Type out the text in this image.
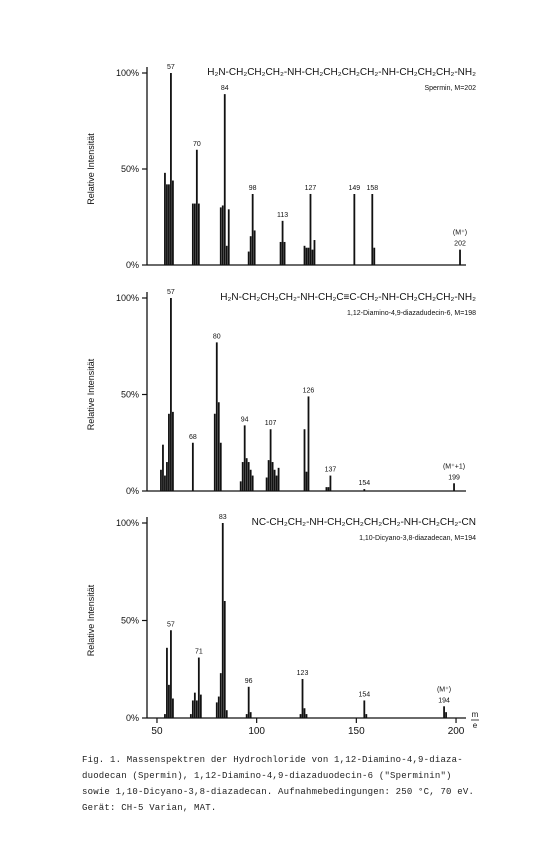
0%
50%
100%
Relative Intensität
H₂N-CH₂CH₂CH₂-NH-CH₂CH₂CH₂CH₂-NH-CH₂CH₂CH₂-NH₂
Spermin, M=202
202
(M⁺)
158
149
127
113
98
84
70
57
0%
50%
100%
Relative Intensität
H₂N-CH₂CH₂CH₂-NH-CH₂C≡C-CH₂-NH-CH₂CH₂CH₂-NH₂
1,12-Diamino-4,9-diazadudecin-6, M=198
199
(M⁺+1)
154
137
126
107
94
80
68
57
0%
50%
100%
Relative Intensität
NC-CH₂CH₂-NH-CH₂CH₂CH₂CH₂-NH-CH₂CH₂-CN
1,10-Dicyano-3,8-diazadecan, M=194
194
(M⁺)
154
123
96
83
71
57
50	100	150	200
m
e
Fig. 1. Massenspektren der Hydrochloride von 1,12-Diamino-4,9-diaza-
duodecan (Spermin), 1,12-Diamino-4,9-diazaduodecin-6 ("Sperminin")
sowie 1,10-Dicyano-3,8-diazadecan. Aufnahmebedingungen: 250 °C, 70 eV.
Gerät: CH-5 Varian, MAT.
